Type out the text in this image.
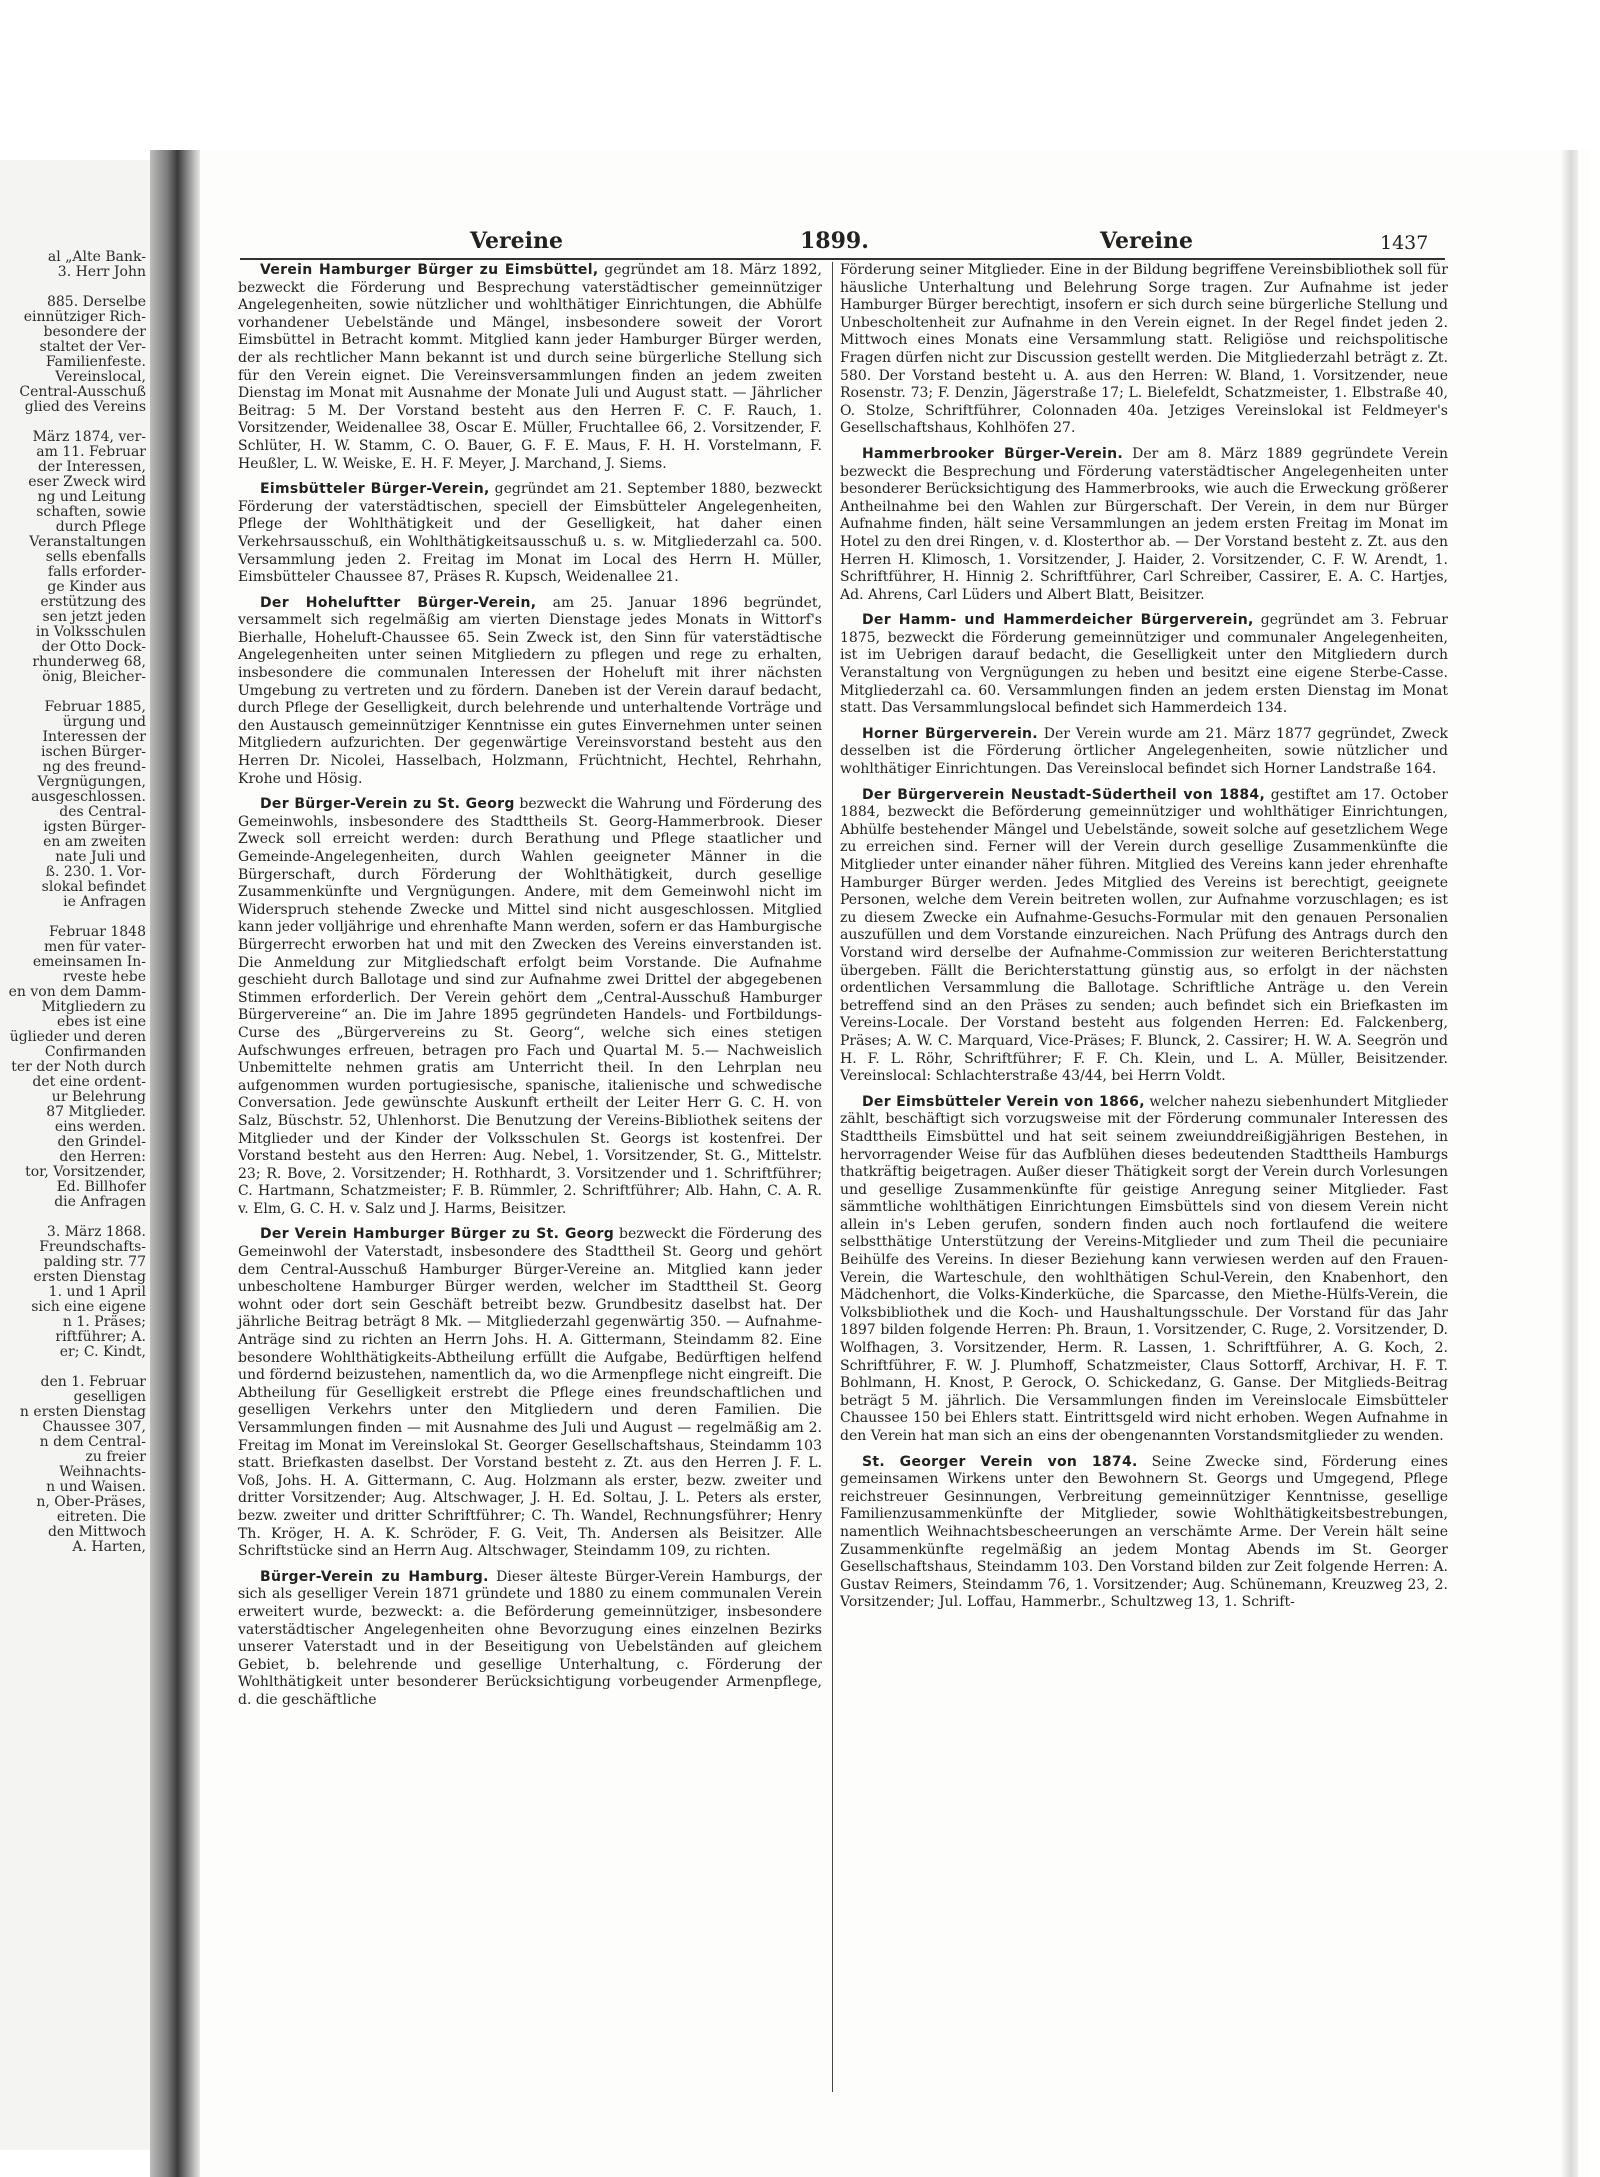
al „Alte Bank-
3. Herr John
885. Derselbe
einnütziger Rich-
besondere der
staltet der Ver-
Familienfeste.
Vereinslocal,
Central-Ausschuß
glied des Vereins
März 1874, ver-
am 11. Februar
der Interessen,
eser Zweck wird
ng und Leitung
schaften, sowie
durch Pflege
Veranstaltungen
sells ebenfalls
falls erforder-
ge Kinder aus
erstützung des
sen jetzt jeden
in Volksschulen
der Otto Dock-
rhunderweg 68,
önig, Bleicher-
Februar 1885,
ürgung und
Interessen der
ischen Bürger-
ng des freund-
Vergnügungen,
ausgeschlossen.
des Central-
igsten Bürger-
en am zweiten
nate Juli und
ß. 230. 1. Vor-
slokal befindet
ie Anfragen
Februar 1848
men für vater-
emeinsamen In-
rveste hebe
en von dem Damm-
Mitgliedern zu
ebes ist eine
üglieder und deren
Confirmanden
ter der Noth durch
det eine ordent-
ur Belehrung
87 Mitglieder.
eins werden.
den Grindel-
den Herren:
tor, Vorsitzender,
Ed. Billhofer
die Anfragen
3. März 1868.
Freundschafts-
palding str. 77
ersten Dienstag
1. und 1 April
sich eine eigene
n 1. Präses;
riftführer; A.
er; C. Kindt,
den 1. Februar
geselligen
n ersten Dienstag
Chaussee 307,
n dem Central-
zu freier
Weihnachts-
n und Waisen.
n, Ober-Präses,
eitreten. Die
den Mittwoch
A. Harten,
Vereine	1899.	Vereine	1437

Verein Hamburger Bürger zu Eimsbüttel, gegründet am 18. März 1892, bezweckt die Förderung und Besprechung vaterstädtischer gemeinnütziger Angelegenheiten, sowie nützlicher und wohlthätiger Einrichtungen, die Abhülfe vorhandener Uebelstände und Mängel, insbesondere soweit der Vorort Eimsbüttel in Betracht kommt. Mitglied kann jeder Hamburger Bürger werden, der als rechtlicher Mann bekannt ist und durch seine bürgerliche Stellung sich für den Verein eignet. Die Vereinsversammlungen finden an jedem zweiten Dienstag im Monat mit Ausnahme der Monate Juli und August statt. — Jährlicher Beitrag: 5 M. Der Vorstand besteht aus den Herren F. C. F. Rauch, 1. Vorsitzender, Weidenallee 38, Oscar E. Müller, Fruchtallee 66, 2. Vorsitzender, F. Schlüter, H. W. Stamm, C. O. Bauer, G. F. E. Maus, F. H. H. Vorstelmann, F. Heußler, L. W. Weiske, E. H. F. Meyer, J. Marchand, J. Siems.

Eimsbütteler Bürger-Verein, gegründet am 21. September 1880, bezweckt Förderung der vaterstädtischen, speciell der Eimsbütteler Angelegenheiten, Pflege der Wohlthätigkeit und der Geselligkeit, hat daher einen Verkehrsausschuß, ein Wohlthätigkeitsausschuß u. s. w. Mitgliederzahl ca. 500. Versammlung jeden 2. Freitag im Monat im Local des Herrn H. Müller, Eimsbütteler Chaussee 87, Präses R. Kupsch, Weidenallee 21.

Der Hoheluftter Bürger-Verein, am 25. Januar 1896 begründet, versammelt sich regelmäßig am vierten Dienstage jedes Monats in Wittorf's Bierhalle, Hoheluft-Chaussee 65. Sein Zweck ist, den Sinn für vaterstädtische Angelegenheiten unter seinen Mitgliedern zu pflegen und rege zu erhalten, insbesondere die communalen Interessen der Hoheluft mit ihrer nächsten Umgebung zu vertreten und zu fördern. Daneben ist der Verein darauf bedacht, durch Pflege der Geselligkeit, durch belehrende und unterhaltende Vorträge und den Austausch gemeinnütziger Kenntnisse ein gutes Einvernehmen unter seinen Mitgliedern aufzurichten. Der gegenwärtige Vereinsvorstand besteht aus den Herren Dr. Nicolei, Hasselbach, Holzmann, Früchtnicht, Hechtel, Rehrhahn, Krohe und Hösig.

Der Bürger-Verein zu St. Georg bezweckt die Wahrung und Förderung des Gemeinwohls, insbesondere des Stadttheils St. Georg-Hammerbrook. Dieser Zweck soll erreicht werden: durch Berathung und Pflege staatlicher und Gemeinde-Angelegenheiten, durch Wahlen geeigneter Männer in die Bürgerschaft, durch Förderung der Wohlthätigkeit, durch gesellige Zusammenkünfte und Vergnügungen. Andere, mit dem Gemeinwohl nicht im Widerspruch stehende Zwecke und Mittel sind nicht ausgeschlossen. Mitglied kann jeder volljährige und ehrenhafte Mann werden, sofern er das Hamburgische Bürgerrecht erworben hat und mit den Zwecken des Vereins einverstanden ist. Die Anmeldung zur Mitgliedschaft erfolgt beim Vorstande. Die Aufnahme geschieht durch Ballotage und sind zur Aufnahme zwei Drittel der abgegebenen Stimmen erforderlich. Der Verein gehört dem „Central-Ausschuß Hamburger Bürgervereine“ an. Die im Jahre 1895 gegründeten Handels- und Fortbildungs-Curse des „Bürgervereins zu St. Georg“, welche sich eines stetigen Aufschwunges erfreuen, betragen pro Fach und Quartal M. 5.— Nachweislich Unbemittelte nehmen gratis am Unterricht theil. In den Lehrplan neu aufgenommen wurden portugiesische, spanische, italienische und schwedische Conversation. Jede gewünschte Auskunft ertheilt der Leiter Herr G. C. H. von Salz, Büschstr. 52, Uhlenhorst. Die Benutzung der Vereins-Bibliothek seitens der Mitglieder und der Kinder der Volksschulen St. Georgs ist kostenfrei. Der Vorstand besteht aus den Herren: Aug. Nebel, 1. Vorsitzender, St. G., Mittelstr. 23; R. Bove, 2. Vorsitzender; H. Rothhardt, 3. Vorsitzender und 1. Schriftführer; C. Hartmann, Schatzmeister; F. B. Rümmler, 2. Schriftführer; Alb. Hahn, C. A. R. v. Elm, G. C. H. v. Salz und J. Harms, Beisitzer.

Der Verein Hamburger Bürger zu St. Georg bezweckt die Förderung des Gemeinwohl der Vaterstadt, insbesondere des Stadttheil St. Georg und gehört dem Central-Ausschuß Hamburger Bürger-Vereine an. Mitglied kann jeder unbescholtene Hamburger Bürger werden, welcher im Stadttheil St. Georg wohnt oder dort sein Geschäft betreibt bezw. Grundbesitz daselbst hat. Der jährliche Beitrag beträgt 8 Mk. — Mitgliederzahl gegenwärtig 350. — Aufnahme-Anträge sind zu richten an Herrn Johs. H. A. Gittermann, Steindamm 82. Eine besondere Wohlthätigkeits-Abtheilung erfüllt die Aufgabe, Bedürftigen helfend und fördernd beizustehen, namentlich da, wo die Armenpflege nicht eingreift. Die Abtheilung für Geselligkeit erstrebt die Pflege eines freundschaftlichen und geselligen Verkehrs unter den Mitgliedern und deren Familien. Die Versammlungen finden — mit Ausnahme des Juli und August — regelmäßig am 2. Freitag im Monat im Vereinslokal St. Georger Gesellschaftshaus, Steindamm 103 statt. Briefkasten daselbst. Der Vorstand besteht z. Zt. aus den Herren J. F. L. Voß, Johs. H. A. Gittermann, C. Aug. Holzmann als erster, bezw. zweiter und dritter Vorsitzender; Aug. Altschwager, J. H. Ed. Soltau, J. L. Peters als erster, bezw. zweiter und dritter Schriftführer; C. Th. Wandel, Rechnungsführer; Henry Th. Kröger, H. A. K. Schröder, F. G. Veit, Th. Andersen als Beisitzer. Alle Schriftstücke sind an Herrn Aug. Altschwager, Steindamm 109, zu richten.

Bürger-Verein zu Hamburg. Dieser älteste Bürger-Verein Hamburgs, der sich als geselliger Verein 1871 gründete und 1880 zu einem communalen Verein erweitert wurde, bezweckt: a. die Beförderung gemeinnütziger, insbesondere vaterstädtischer Angelegenheiten ohne Bevorzugung eines einzelnen Bezirks unserer Vaterstadt und in der Beseitigung von Uebelständen auf gleichem Gebiet, b. belehrende und gesellige Unterhaltung, c. Förderung der Wohlthätigkeit unter besonderer Berücksichtigung vorbeugender Armenpflege, d. die geschäftliche

Förderung seiner Mitglieder. Eine in der Bildung begriffene Vereinsbibliothek soll für häusliche Unterhaltung und Belehrung Sorge tragen. Zur Aufnahme ist jeder Hamburger Bürger berechtigt, insofern er sich durch seine bürgerliche Stellung und Unbescholtenheit zur Aufnahme in den Verein eignet. In der Regel findet jeden 2. Mittwoch eines Monats eine Versammlung statt. Religiöse und reichspolitische Fragen dürfen nicht zur Discussion gestellt werden. Die Mitgliederzahl beträgt z. Zt. 580. Der Vorstand besteht u. A. aus den Herren: W. Bland, 1. Vorsitzender, neue Rosenstr. 73; F. Denzin, Jägerstraße 17; L. Bielefeldt, Schatzmeister, 1. Elbstraße 40, O. Stolze, Schriftführer, Colonnaden 40a. Jetziges Vereinslokal ist Feldmeyer's Gesellschaftshaus, Kohlhöfen 27.

Hammerbrooker Bürger-Verein. Der am 8. März 1889 gegründete Verein bezweckt die Besprechung und Förderung vaterstädtischer Angelegenheiten unter besonderer Berücksichtigung des Hammerbrooks, wie auch die Erweckung größerer Antheilnahme bei den Wahlen zur Bürgerschaft. Der Verein, in dem nur Bürger Aufnahme finden, hält seine Versammlungen an jedem ersten Freitag im Monat im Hotel zu den drei Ringen, v. d. Klosterthor ab. — Der Vorstand besteht z. Zt. aus den Herren H. Klimosch, 1. Vorsitzender, J. Haider, 2. Vorsitzender, C. F. W. Arendt, 1. Schriftführer, H. Hinnig 2. Schriftführer, Carl Schreiber, Cassirer, E. A. C. Hartjes, Ad. Ahrens, Carl Lüders und Albert Blatt, Beisitzer.

Der Hamm- und Hammerdeicher Bürgerverein, gegründet am 3. Februar 1875, bezweckt die Förderung gemeinnütziger und communaler Angelegenheiten, ist im Uebrigen darauf bedacht, die Geselligkeit unter den Mitgliedern durch Veranstaltung von Vergnügungen zu heben und besitzt eine eigene Sterbe-Casse. Mitgliederzahl ca. 60. Versammlungen finden an jedem ersten Dienstag im Monat statt. Das Versammlungslocal befindet sich Hammerdeich 134.

Horner Bürgerverein. Der Verein wurde am 21. März 1877 gegründet, Zweck desselben ist die Förderung örtlicher Angelegenheiten, sowie nützlicher und wohlthätiger Einrichtungen. Das Vereinslocal befindet sich Horner Landstraße 164.

Der Bürgerverein Neustadt-Südertheil von 1884, gestiftet am 17. October 1884, bezweckt die Beförderung gemeinnütziger und wohlthätiger Einrichtungen, Abhülfe bestehender Mängel und Uebelstände, soweit solche auf gesetzlichem Wege zu erreichen sind. Ferner will der Verein durch gesellige Zusammenkünfte die Mitglieder unter einander näher führen. Mitglied des Vereins kann jeder ehrenhafte Hamburger Bürger werden. Jedes Mitglied des Vereins ist berechtigt, geeignete Personen, welche dem Verein beitreten wollen, zur Aufnahme vorzuschlagen; es ist zu diesem Zwecke ein Aufnahme-Gesuchs-Formular mit den genauen Personalien auszufüllen und dem Vorstande einzureichen. Nach Prüfung des Antrags durch den Vorstand wird derselbe der Aufnahme-Commission zur weiteren Berichterstattung übergeben. Fällt die Berichterstattung günstig aus, so erfolgt in der nächsten ordentlichen Versammlung die Ballotage. Schriftliche Anträge u. den Verein betreffend sind an den Präses zu senden; auch befindet sich ein Briefkasten im Vereins-Locale. Der Vorstand besteht aus folgenden Herren: Ed. Falckenberg, Präses; A. W. C. Marquard, Vice-Präses; F. Blunck, 2. Cassirer; H. W. A. Seegrön und H. F. L. Röhr, Schriftführer; F. F. Ch. Klein, und L. A. Müller, Beisitzender. Vereinslocal: Schlachterstraße 43/44, bei Herrn Voldt.

Der Eimsbütteler Verein von 1866, welcher nahezu siebenhundert Mitglieder zählt, beschäftigt sich vorzugsweise mit der Förderung communaler Interessen des Stadttheils Eimsbüttel und hat seit seinem zweiunddreißigjährigen Bestehen, in hervorragender Weise für das Aufblühen dieses bedeutenden Stadttheils Hamburgs thatkräftig beigetragen. Außer dieser Thätigkeit sorgt der Verein durch Vorlesungen und gesellige Zusammenkünfte für geistige Anregung seiner Mitglieder. Fast sämmtliche wohlthätigen Einrichtungen Eimsbüttels sind von diesem Verein nicht allein in's Leben gerufen, sondern finden auch noch fortlaufend die weitere selbstthätige Unterstützung der Vereins-Mitglieder und zum Theil die pecuniaire Beihülfe des Vereins. In dieser Beziehung kann verwiesen werden auf den Frauen-Verein, die Warteschule, den wohlthätigen Schul-Verein, den Knabenhort, den Mädchenhort, die Volks-Kinderküche, die Sparcasse, den Miethe-Hülfs-Verein, die Volksbibliothek und die Koch- und Haushaltungsschule. Der Vorstand für das Jahr 1897 bilden folgende Herren: Ph. Braun, 1. Vorsitzender, C. Ruge, 2. Vorsitzender, D. Wolfhagen, 3. Vorsitzender, Herm. R. Lassen, 1. Schriftführer, A. G. Koch, 2. Schriftführer, F. W. J. Plumhoff, Schatzmeister, Claus Sottorff, Archivar, H. F. T. Bohlmann, H. Knost, P. Gerock, O. Schickedanz, G. Ganse. Der Mitglieds-Beitrag beträgt 5 M. jährlich. Die Versammlungen finden im Vereinslocale Eimsbütteler Chaussee 150 bei Ehlers statt. Eintrittsgeld wird nicht erhoben. Wegen Aufnahme in den Verein hat man sich an eins der obengenannten Vorstandsmitglieder zu wenden.

St. Georger Verein von 1874. Seine Zwecke sind, Förderung eines gemeinsamen Wirkens unter den Bewohnern St. Georgs und Umgegend, Pflege reichstreuer Gesinnungen, Verbreitung gemeinnütziger Kenntnisse, gesellige Familienzusammenkünfte der Mitglieder, sowie Wohlthätigkeitsbestrebungen, namentlich Weihnachtsbescheerungen an verschämte Arme. Der Verein hält seine Zusammenkünfte regelmäßig an jedem Montag Abends im St. Georger Gesellschaftshaus, Steindamm 103. Den Vorstand bilden zur Zeit folgende Herren: A. Gustav Reimers, Steindamm 76, 1. Vorsitzender; Aug. Schünemann, Kreuzweg 23, 2. Vorsitzender; Jul. Loffau, Hammerbr., Schultzweg 13, 1. Schrift-
